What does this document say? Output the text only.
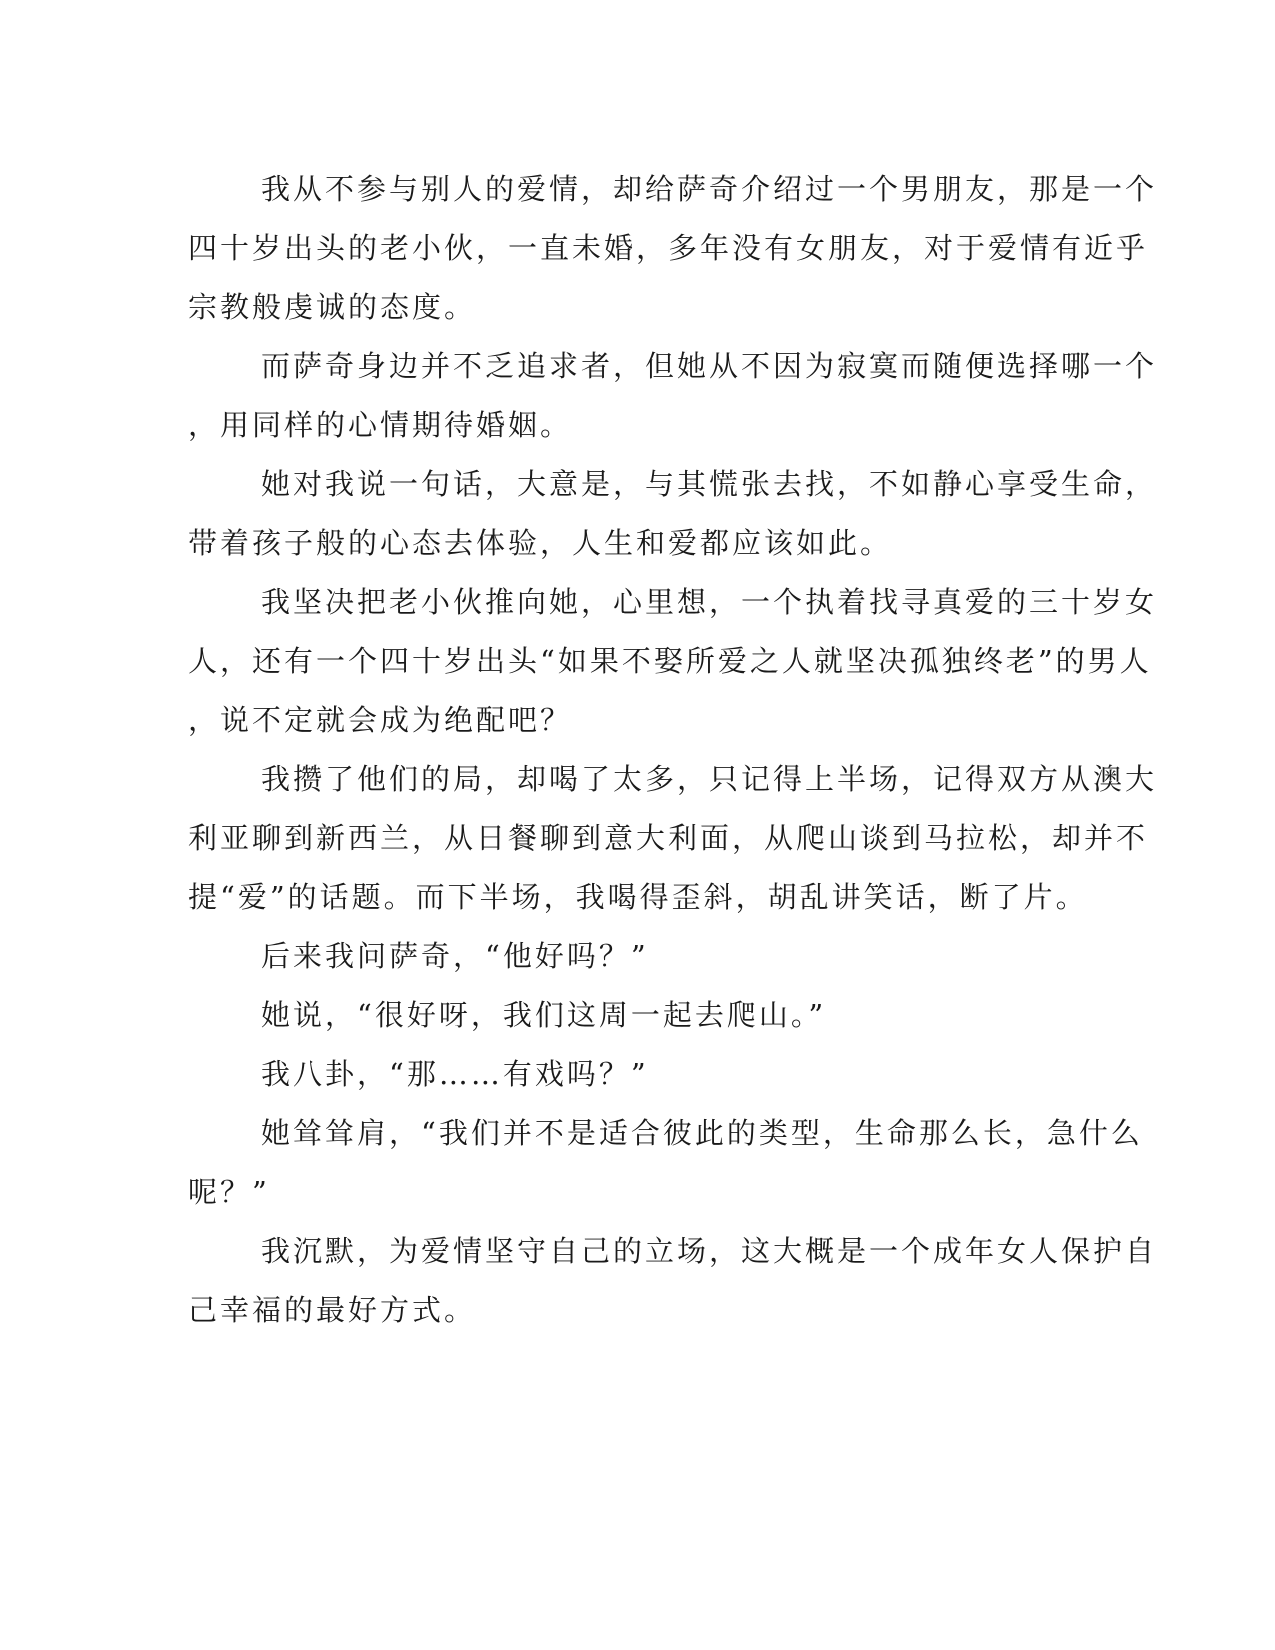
我从不参与别人的爱情，却给萨奇介绍过一个男朋友，那是一个
四十岁出头的老小伙，一直未婚，多年没有女朋友，对于爱情有近乎
宗教般虔诚的态度。

而萨奇身边并不乏追求者，但她从不因为寂寞而随便选择哪一个
，用同样的心情期待婚姻。

她对我说一句话，大意是，与其慌张去找，不如静心享受生命，
带着孩子般的心态去体验，人生和爱都应该如此。

我坚决把老小伙推向她，心里想，一个执着找寻真爱的三十岁女
人，还有一个四十岁出头“如果不娶所爱之人就坚决孤独终老”的男人
，说不定就会成为绝配吧？

我攒了他们的局，却喝了太多，只记得上半场，记得双方从澳大
利亚聊到新西兰，从日餐聊到意大利面，从爬山谈到马拉松，却并不
提“爱”的话题。而下半场，我喝得歪斜，胡乱讲笑话，断了片。

后来我问萨奇，“他好吗？”

她说，“很好呀，我们这周一起去爬山。”

我八卦，“那……有戏吗？”

她耸耸肩，“我们并不是适合彼此的类型，生命那么长，急什么
呢？”

我沉默，为爱情坚守自己的立场，这大概是一个成年女人保护自
己幸福的最好方式。
